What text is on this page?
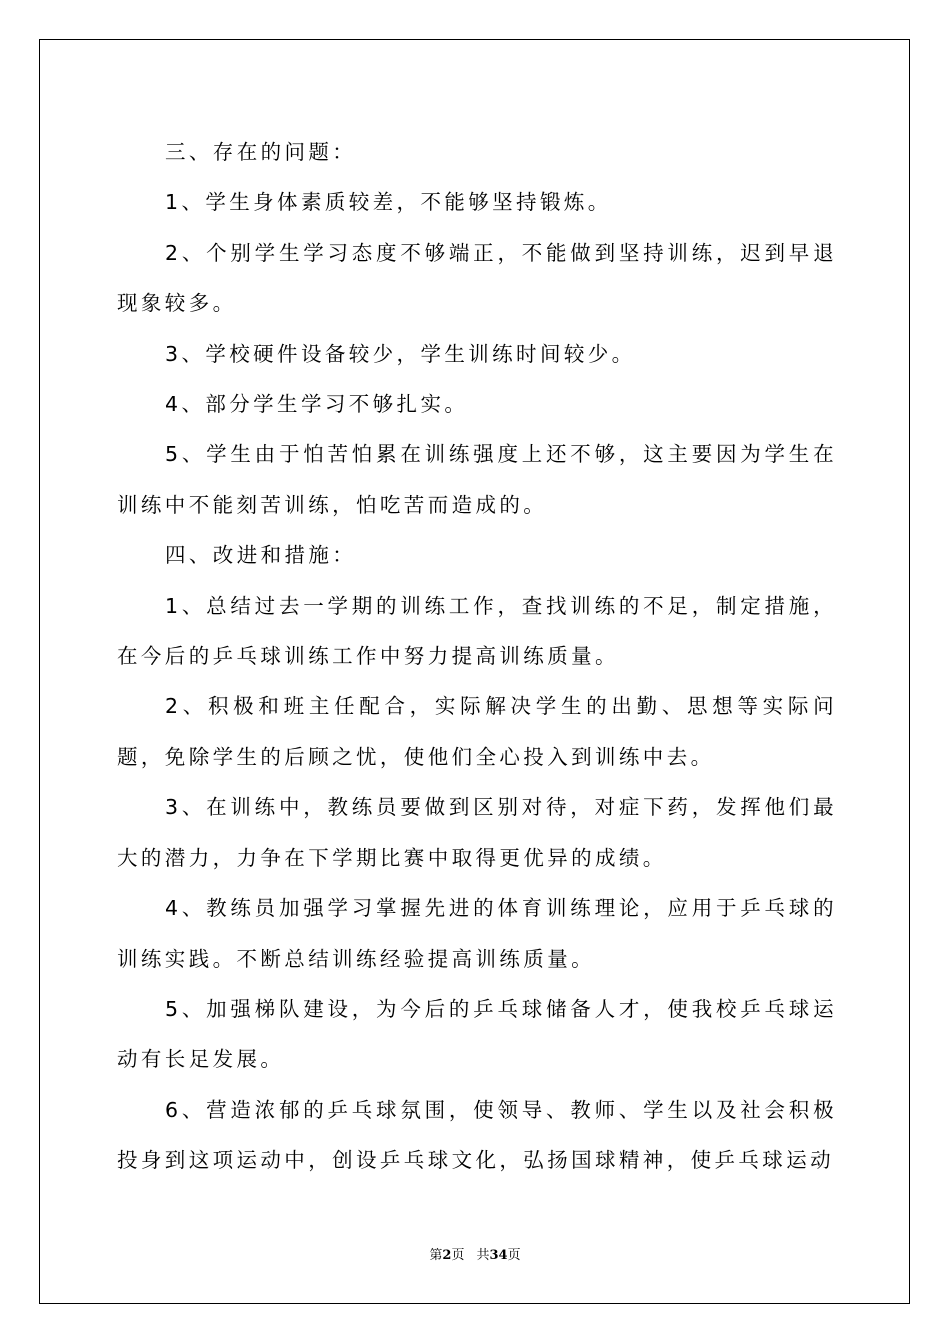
三、存在的问题：

1、学生身体素质较差，不能够坚持锻炼。

2、个别学生学习态度不够端正，不能做到坚持训练，迟到早退现象较多。

3、学校硬件设备较少，学生训练时间较少。

4、部分学生学习不够扎实。

5、学生由于怕苦怕累在训练强度上还不够，这主要因为学生在训练中不能刻苦训练，怕吃苦而造成的。

四、改进和措施：

1、总结过去一学期的训练工作，查找训练的不足，制定措施，在今后的乒乓球训练工作中努力提高训练质量。

2、积极和班主任配合，实际解决学生的出勤、思想等实际问题，免除学生的后顾之忧，使他们全心投入到训练中去。

3、在训练中，教练员要做到区别对待，对症下药，发挥他们最大的潜力，力争在下学期比赛中取得更优异的成绩。

4、教练员加强学习掌握先进的体育训练理论，应用于乒乓球的训练实践。不断总结训练经验提高训练质量。

5、加强梯队建设，为今后的乒乓球储备人才，使我校乒乓球运动有长足发展。

6、营造浓郁的乒乓球氛围，使领导、教师、学生以及社会积极投身到这项运动中，创设乒乓球文化，弘扬国球精神，使乒乓球运动

第2页 共34页
